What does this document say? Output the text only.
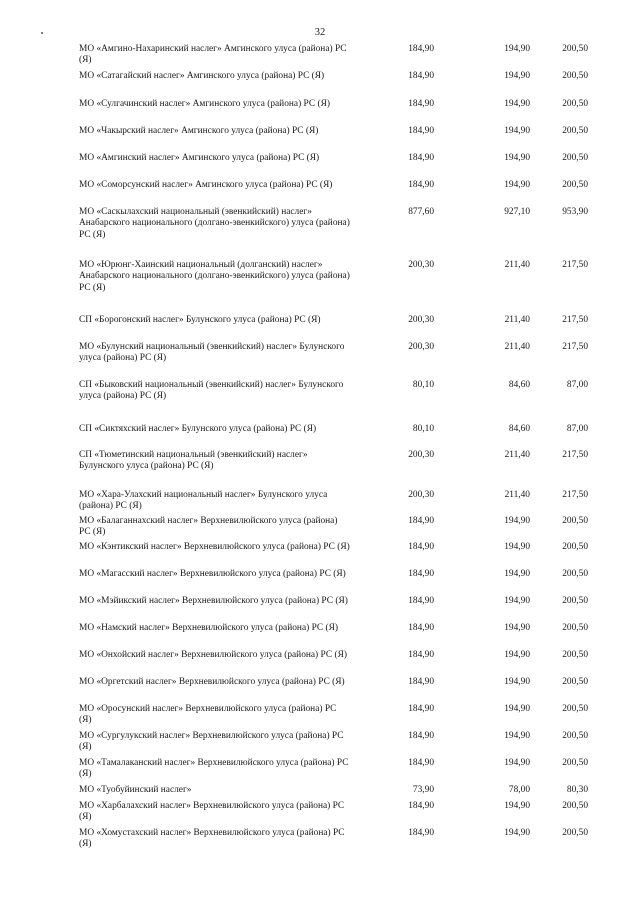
32
МО «Амгино-Нахаринский наслег» Амгинского улуса (района) РС (Я)
184,90	194,90	200,50
МО «Сатагайский наслег» Амгинского улуса (района) РС (Я)	184,90	194,90	200,50
МО «Сулгачинский наслег» Амгинского улуса (района) РС (Я)	184,90	194,90	200,50
МО «Чакырский наслег» Амгинского улуса (района) РС (Я)	184,90	194,90	200,50
МО «Амгинский наслег» Амгинского улуса (района) РС (Я)	184,90	194,90	200,50
МО «Соморсунский наслег» Амгинского улуса (района) РС (Я)	184,90	194,90	200,50
МО «Саскылахский национальный (эвенкийский) наслег» Анабарского национального (долгано-эвенкийского) улуса (района) РС (Я)
877,60	927,10	953,90
МО «Юрюнг-Хаинский национальный (долганский) наслег» Анабарского национального (долгано-эвенкийского) улуса (района) РС (Я)
200,30	211,40	217,50
СП «Борогонский наслег» Булунского улуса (района) РС (Я)	200,30	211,40	217,50
МО «Булунский национальный (эвенкийский) наслег» Булунского улуса (района) РС (Я)
200,30	211,40	217,50
СП «Быковский национальный (эвенкийский) наслег» Булунского улуса (района) РС (Я)
80,10	84,60	87,00
СП «Сиктяхский наслег» Булунского улуса (района) РС (Я)	80,10	84,60	87,00
СП «Тюметинский национальный (эвенкийский) наслег» Булунского улуса (района) РС (Я)
200,30	211,40	217,50
МО «Хара-Улахский национальный наслег» Булунского улуса (района) РС (Я)
200,30	211,40	217,50
МО «Балаганнахский наслег» Верхневилюйского улуса (района) РС (Я)
184,90	194,90	200,50
МО «Кэнтикский наслег» Верхневилюйского улуса (района) РС (Я)	184,90	194,90	200,50
МО «Магасский наслег» Верхневилюйского улуса (района) РС (Я)	184,90	194,90	200,50
МО «Мэйикский наслег» Верхневилюйского улуса (района) РС (Я)	184,90	194,90	200,50
МО «Намский наслег» Верхневилюйского улуса (района) РС (Я)	184,90	194,90	200,50
МО «Онхойский наслег» Верхневилюйского улуса (района) РС (Я)	184,90	194,90	200,50
МО «Оргетский наслег» Верхневилюйского улуса (района) РС (Я)	184,90	194,90	200,50
МО «Оросунский наслег» Верхневилюйского улуса (района) РС (Я)
184,90	194,90	200,50
МО «Сургулукский наслег» Верхневилюйского улуса (района) РС (Я)
184,90	194,90	200,50
МО «Тамалаканский наслег» Верхневилюйского улуса (района) РС (Я)
184,90	194,90	200,50
МО «Туобуйинский наслег»	73,90	78,00	80,30
МО «Харбалахский наслег» Верхневилюйского улуса (района) РС (Я)
184,90	194,90	200,50
МО «Хомустахский наслег» Верхневилюйского улуса (района) РС (Я)
184,90	194,90	200,50
